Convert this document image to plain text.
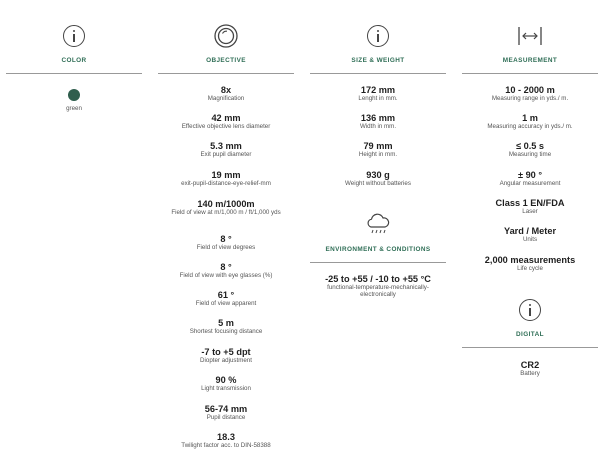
COLOR
green
OBJECTIVE
8x
Magnification
42 mm
Effective objective lens diameter
5.3 mm
Exit pupil diameter
19 mm
exit-pupil-distance-eye-relief-mm
140 m/1000m
Field of view at m/1,000 m / ft/1,000 yds
8 °
Field of view degrees
8 °
Field of view with eye glasses (%)
61 °
Field of view apparent
5 m
Shortest focusing distance
-7 to +5 dpt
Diopter adjustment
90 %
Light transmission
56-74 mm
Pupil distance
18.3
Twilight factor acc. to DIN-58388
SIZE & WEIGHT
172 mm
Lenght in mm.
136 mm
Width in mm.
79 mm
Height in mm.
930 g
Weight without batteries
ENVIRONMENT & CONDITIONS
-25 to +55 / -10 to +55 °C
functional-temperature-mechanically-electronically
MEASUREMENT
10 - 2000 m
Measuring range in yds./ m.
1 m
Measuring accuracy in yds./ m.
≤ 0.5 s
Measuring time
± 90 °
Angular measurement
Class 1 EN/FDA
Laser
Yard / Meter
Units
2,000 measurements
Life cycle
DIGITAL
CR2
Battery
